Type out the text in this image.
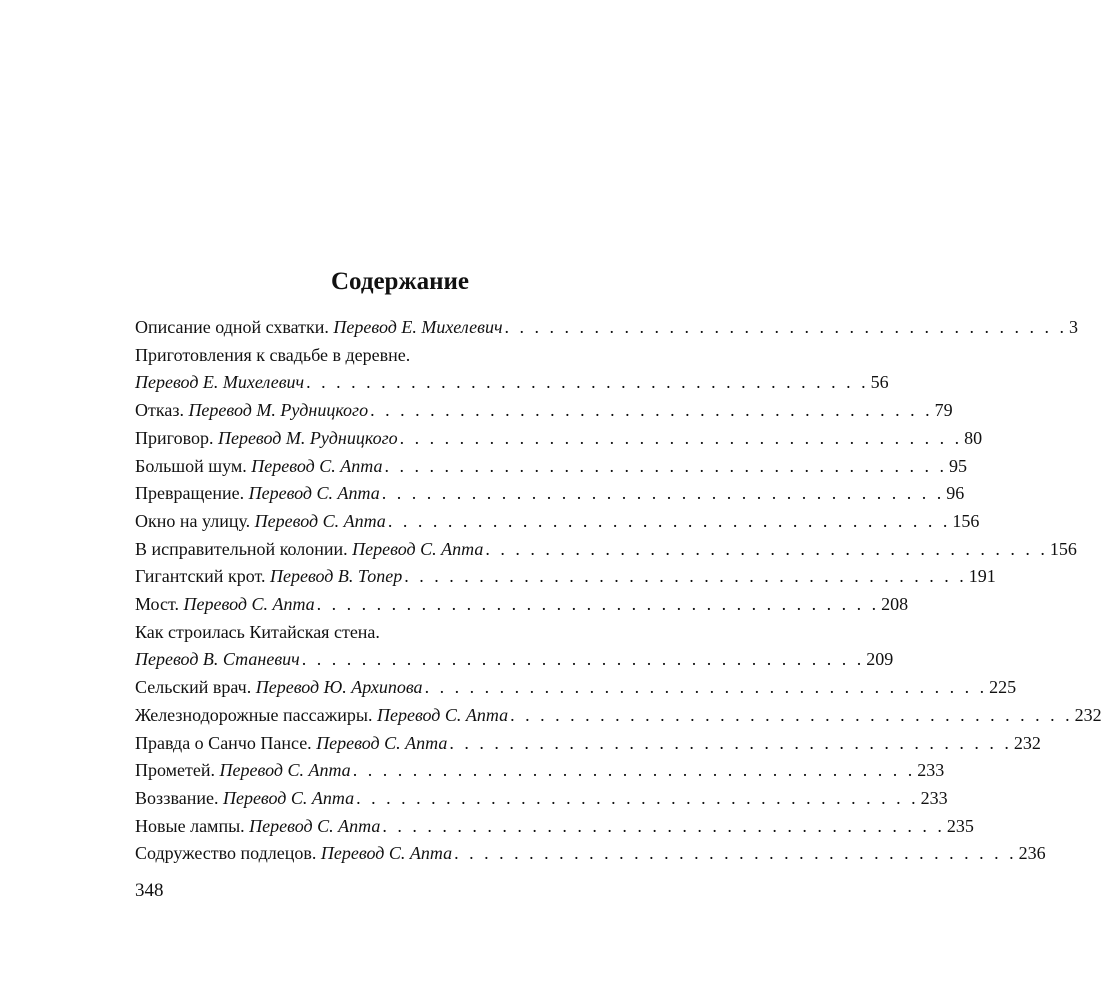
Содержание
Описание одной схватки. Перевод Е. Михелевич . . . . . . . . . . . . . . . . . . . . . . . . . . . . . . . . . . . . . . 3
Приготовления к свадьбе в деревне.
Перевод Е. Михелевич . . . . . . . . . . . . . . . . . . . . . . . . . . . . . . . . . . . . . . 56
Отказ. Перевод М. Рудницкого . . . . . . . . . . . . . . . . . . . . . . . . . . . . . . . . . . . . . . 79
Приговор. Перевод М. Рудницкого . . . . . . . . . . . . . . . . . . . . . . . . . . . . . . . . . . . . . . 80
Большой шум. Перевод С. Апта . . . . . . . . . . . . . . . . . . . . . . . . . . . . . . . . . . . . . . 95
Превращение. Перевод С. Апта . . . . . . . . . . . . . . . . . . . . . . . . . . . . . . . . . . . . . . 96
Окно на улицу. Перевод С. Апта . . . . . . . . . . . . . . . . . . . . . . . . . . . . . . . . . . . . . . 156
В исправительной колонии. Перевод С. Апта . . . . . . . . . . . . . . . . . . . . . . . . . . . . . . . . . . . . . . 156
Гигантский крот. Перевод В. Топер . . . . . . . . . . . . . . . . . . . . . . . . . . . . . . . . . . . . . . 191
Мост. Перевод С. Апта . . . . . . . . . . . . . . . . . . . . . . . . . . . . . . . . . . . . . . 208
Как строилась Китайская стена.
Перевод В. Станевич . . . . . . . . . . . . . . . . . . . . . . . . . . . . . . . . . . . . . . 209
Сельский врач. Перевод Ю. Архипова . . . . . . . . . . . . . . . . . . . . . . . . . . . . . . . . . . . . . . 225
Железнодорожные пассажиры. Перевод С. Апта . . . . . . . . . . . . . . . . . . . . . . . . . . . . . . . . . . . . . . 232
Правда о Санчо Пансе. Перевод С. Апта . . . . . . . . . . . . . . . . . . . . . . . . . . . . . . . . . . . . . . 232
Прометей. Перевод С. Апта . . . . . . . . . . . . . . . . . . . . . . . . . . . . . . . . . . . . . . 233
Воззвание. Перевод С. Апта . . . . . . . . . . . . . . . . . . . . . . . . . . . . . . . . . . . . . . 233
Новые лампы. Перевод С. Апта . . . . . . . . . . . . . . . . . . . . . . . . . . . . . . . . . . . . . . 235
Содружество подлецов. Перевод С. Апта . . . . . . . . . . . . . . . . . . . . . . . . . . . . . . . . . . . . . . 236
348
